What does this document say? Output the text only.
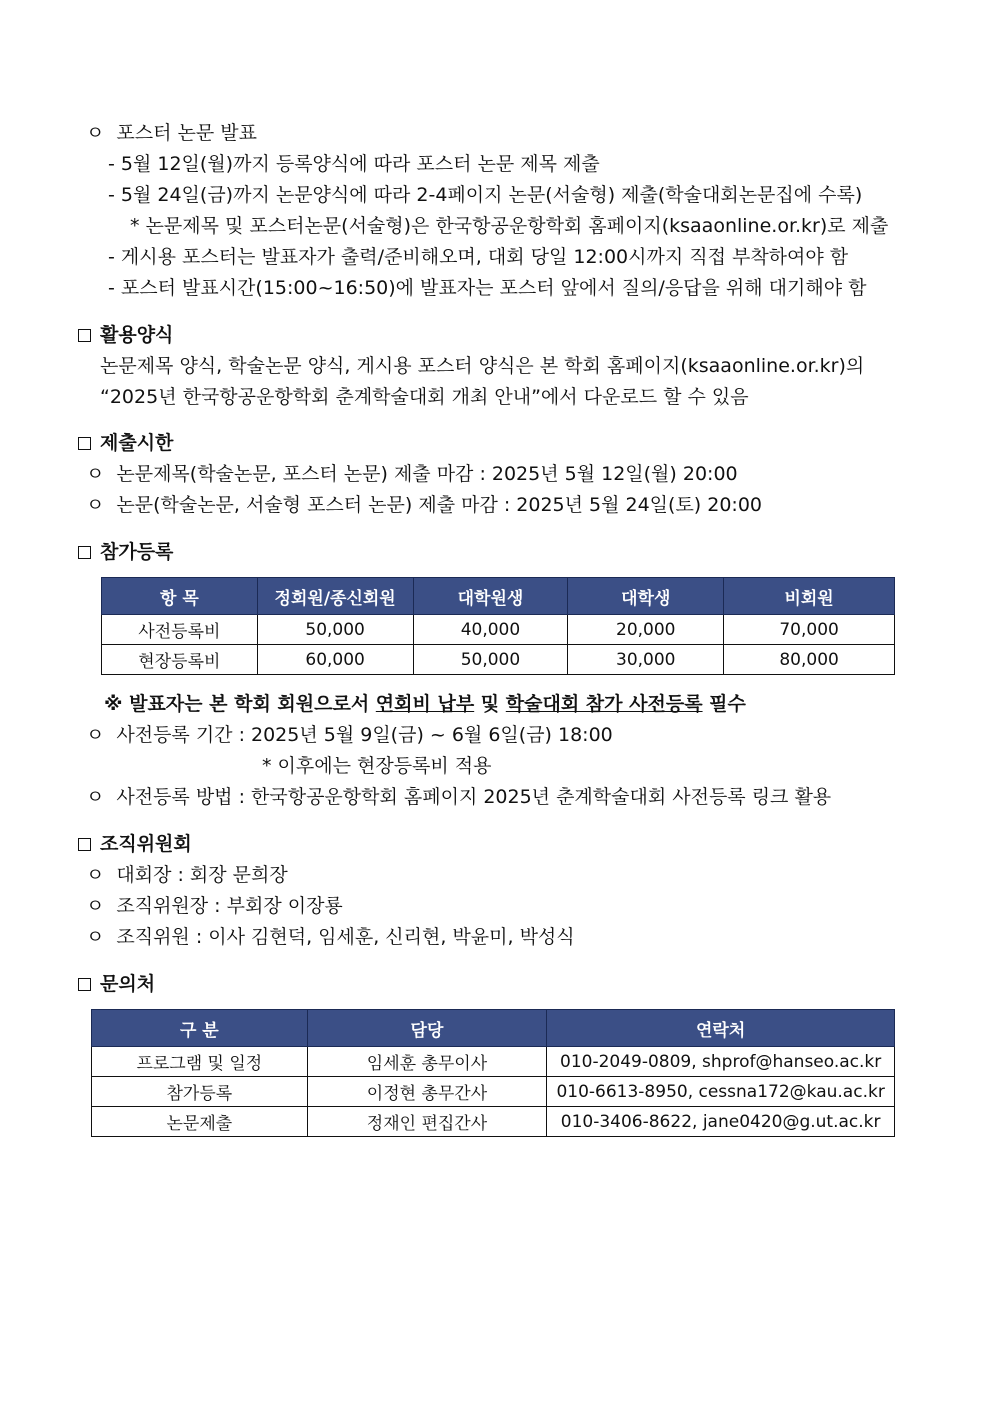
ㅇ 포스터 논문 발표
- 5월 12일(월)까지 등록양식에 따라 포스터 논문 제목 제출
- 5월 24일(금)까지 논문양식에 따라 2-4페이지 논문(서술형) 제출(학술대회논문집에 수록)
* 논문제목 및 포스터논문(서술형)은 한국항공운항학회 홈페이지(ksaaonline.or.kr)로 제출
- 게시용 포스터는 발표자가 출력/준비해오며, 대회 당일 12:00시까지 직접 부착하여야 함
- 포스터 발표시간(15:00~16:50)에 발표자는 포스터 앞에서 질의/응답을 위해 대기해야 함
활용양식
논문제목 양식, 학술논문 양식, 게시용 포스터 양식은 본 학회 홈페이지(ksaaonline.or.kr)의 “2025년 한국항공운항학회 춘계학술대회 개최 안내”에서 다운로드 할 수 있음
제출시한
ㅇ 논문제목(학술논문, 포스터 논문) 제출 마감 : 2025년 5월 12일(월) 20:00
ㅇ 논문(학술논문, 서술형 포스터 논문) 제출 마감 : 2025년 5월 24일(토) 20:00
참가등록
항 목	정회원/종신회원	대학원생	대학생	비회원
사전등록비	50,000	40,000	20,000	70,000
현장등록비	60,000	50,000	30,000	80,000
※ 발표자는 본 학회 회원으로서 연회비 납부 및 학술대회 참가 사전등록 필수
ㅇ 사전등록 기간 : 2025년 5월 9일(금) ~ 6월 6일(금) 18:00
* 이후에는 현장등록비 적용
ㅇ 사전등록 방법 : 한국항공운항학회 홈페이지 2025년 춘계학술대회 사전등록 링크 활용
조직위원회
ㅇ 대회장 : 회장 문희장
ㅇ 조직위원장 : 부회장 이장룡
ㅇ 조직위원 : 이사 김현덕, 임세훈, 신리현, 박윤미, 박성식
문의처
구 분	담당	연락처
프로그램 및 일정	임세훈 총무이사	010-2049-0809, shprof@hanseo.ac.kr
참가등록	이정현 총무간사	010-6613-8950, cessna172@kau.ac.kr
논문제출	정재인 편집간사	010-3406-8622, jane0420@g.ut.ac.kr
